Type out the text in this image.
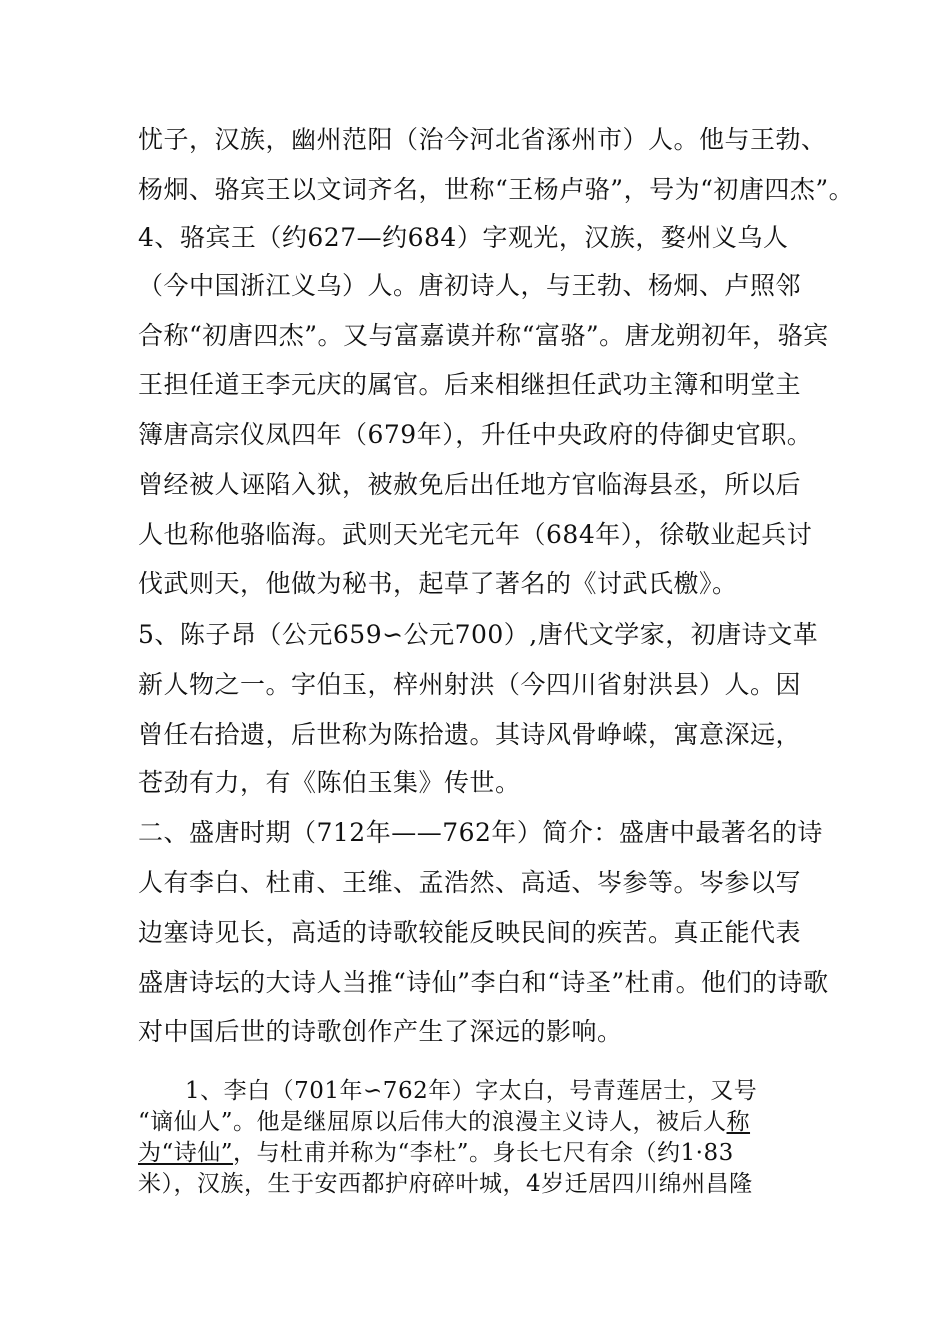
忧子，汉族，幽州范阳（治今河北省涿州市）人。他与王勃、
杨炯、骆宾王以文词齐名，世称“王杨卢骆”，号为“初唐四杰”。
4、骆宾王（约627—约684）字观光，汉族，婺州义乌人
（今中国浙江义乌）人。唐初诗人，与王勃、杨炯、卢照邻
合称“初唐四杰”。又与富嘉谟并称“富骆”。唐龙朔初年，骆宾
王担任道王李元庆的属官。后来相继担任武功主簿和明堂主
簿唐高宗仪凤四年（679年），升任中央政府的侍御史官职。
曾经被人诬陷入狱，被赦免后出任地方官临海县丞，所以后
人也称他骆临海。武则天光宅元年（684年），徐敬业起兵讨
伐武则天，他做为秘书，起草了著名的《讨武氏檄》。
5、陈子昂（公元659∽公元700）,唐代文学家，初唐诗文革
新人物之一。字伯玉，梓州射洪（今四川省射洪县）人。因
曾任右拾遗，后世称为陈拾遗。其诗风骨峥嵘，寓意深远，
苍劲有力，有《陈伯玉集》传世。
二、盛唐时期（712年——762年）简介：盛唐中最著名的诗
人有李白、杜甫、王维、孟浩然、高适、岑参等。岑参以写
边塞诗见长，高适的诗歌较能反映民间的疾苦。真正能代表
盛唐诗坛的大诗人当推“诗仙”李白和“诗圣”杜甫。他们的诗歌
对中国后世的诗歌创作产生了深远的影响。
　　1、李白（701年∽762年）字太白，号青莲居士，又号
“谪仙人”。他是继屈原以后伟大的浪漫主义诗人，被后人称
为“诗仙”，与杜甫并称为“李杜”。身长七尺有余（约1·83
米），汉族，生于安西都护府碎叶城，4岁迁居四川绵州昌隆
